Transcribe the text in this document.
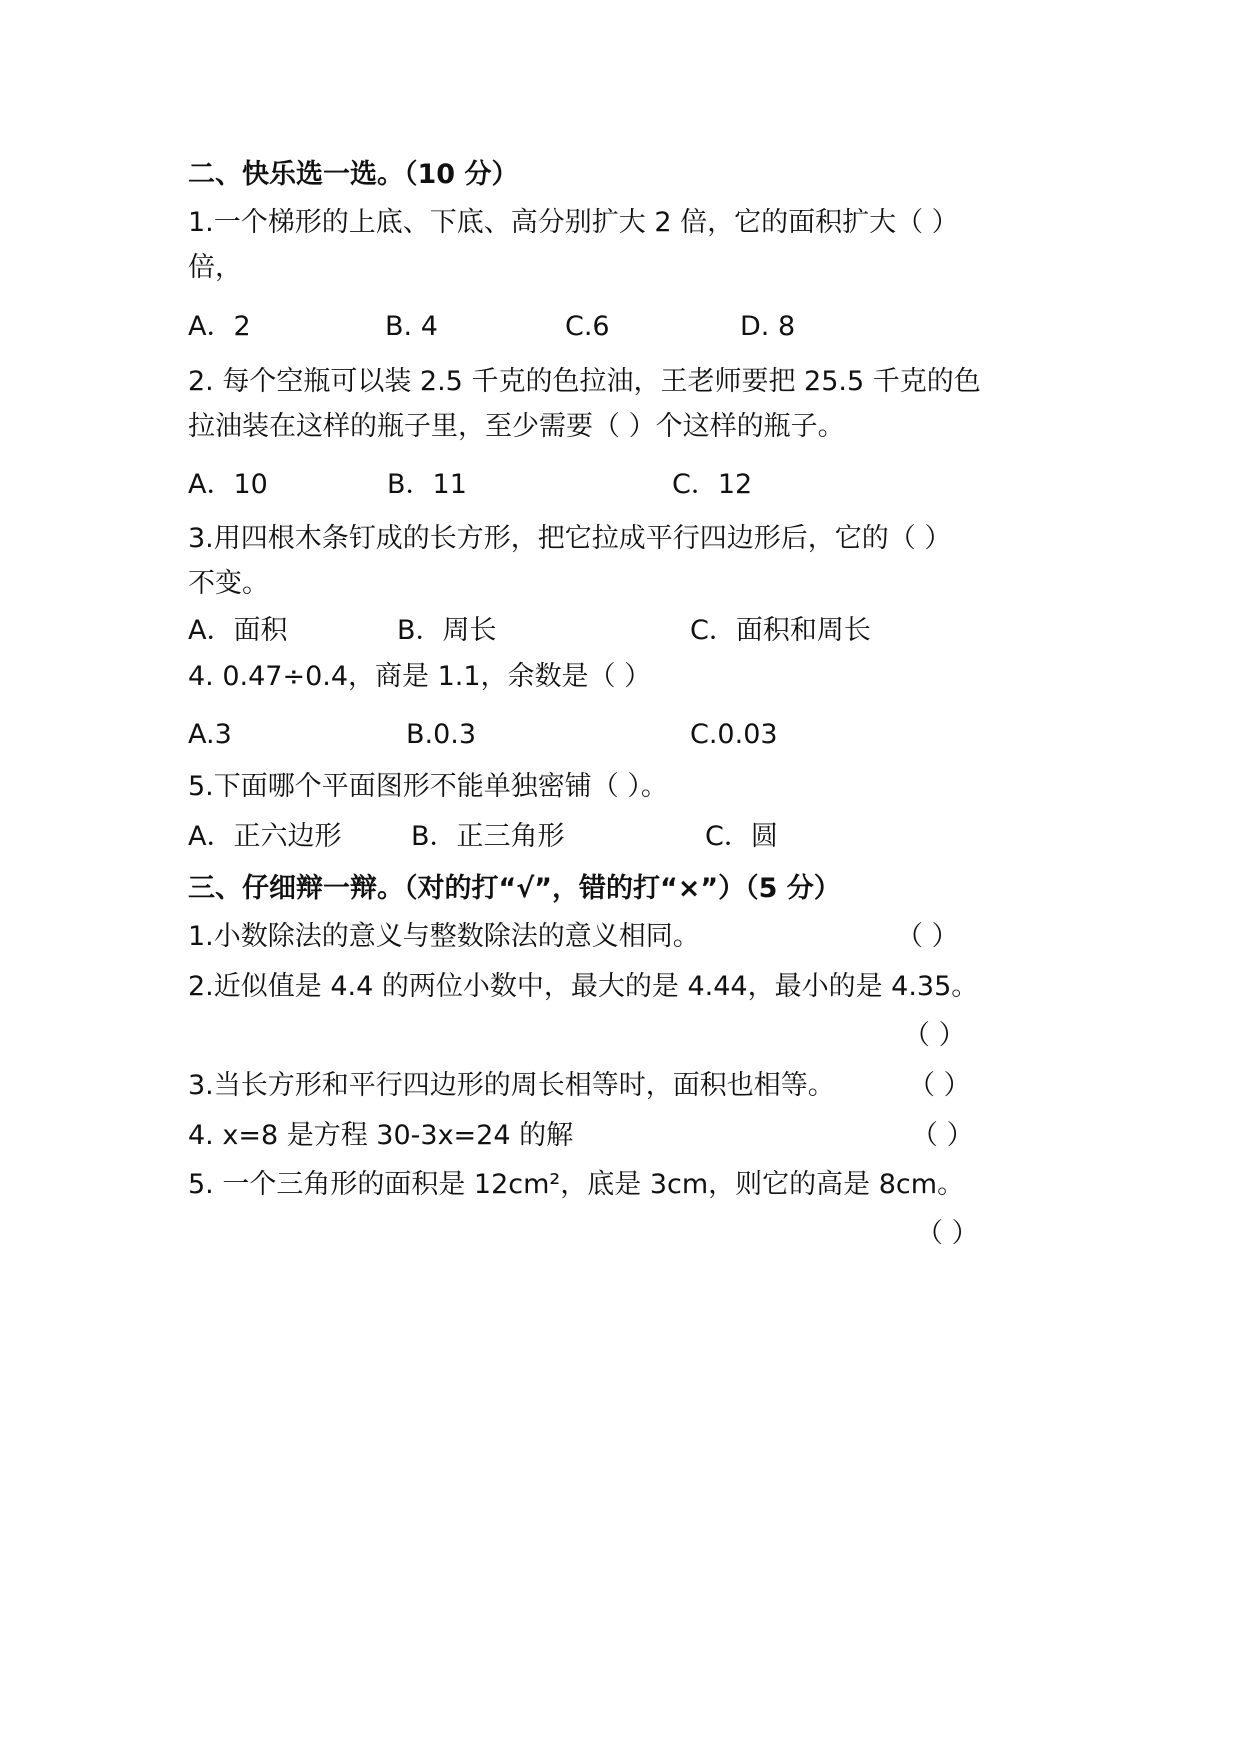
二、快乐选一选。（10 分）
1.一个梯形的上底、下底、高分别扩大 2 倍，它的面积扩大（ ）
倍，
A．2	B. 4	C.6	D. 8
2. 每个空瓶可以装 2.5 千克的色拉油，王老师要把 25.5 千克的色
拉油装在这样的瓶子里，至少需要（ ）个这样的瓶子。
A．10	B．11	C．12
3.用四根木条钉成的长方形，把它拉成平行四边形后，它的（ ）
不变。
A．面积	B．周长	C．面积和周长
4. 0.47÷0.4，商是 1.1，余数是（ ）
A.3	B.0.3	C.0.03
5.下面哪个平面图形不能单独密铺（ ）。
A．正六边形	B．正三角形	C．圆
三、仔细辩一辩。（对的打“√”，错的打“×”）（5 分）
1.小数除法的意义与整数除法的意义相同。	（ ）
2.近似值是 4.4 的两位小数中，最大的是 4.44，最小的是 4.35。
（ ）
3.当长方形和平行四边形的周长相等时，面积也相等。	（ ）
4. x=8 是方程 30-3x=24 的解	（ ）
5. 一个三角形的面积是 12cm²，底是 3cm，则它的高是 8cm。
（ ）
